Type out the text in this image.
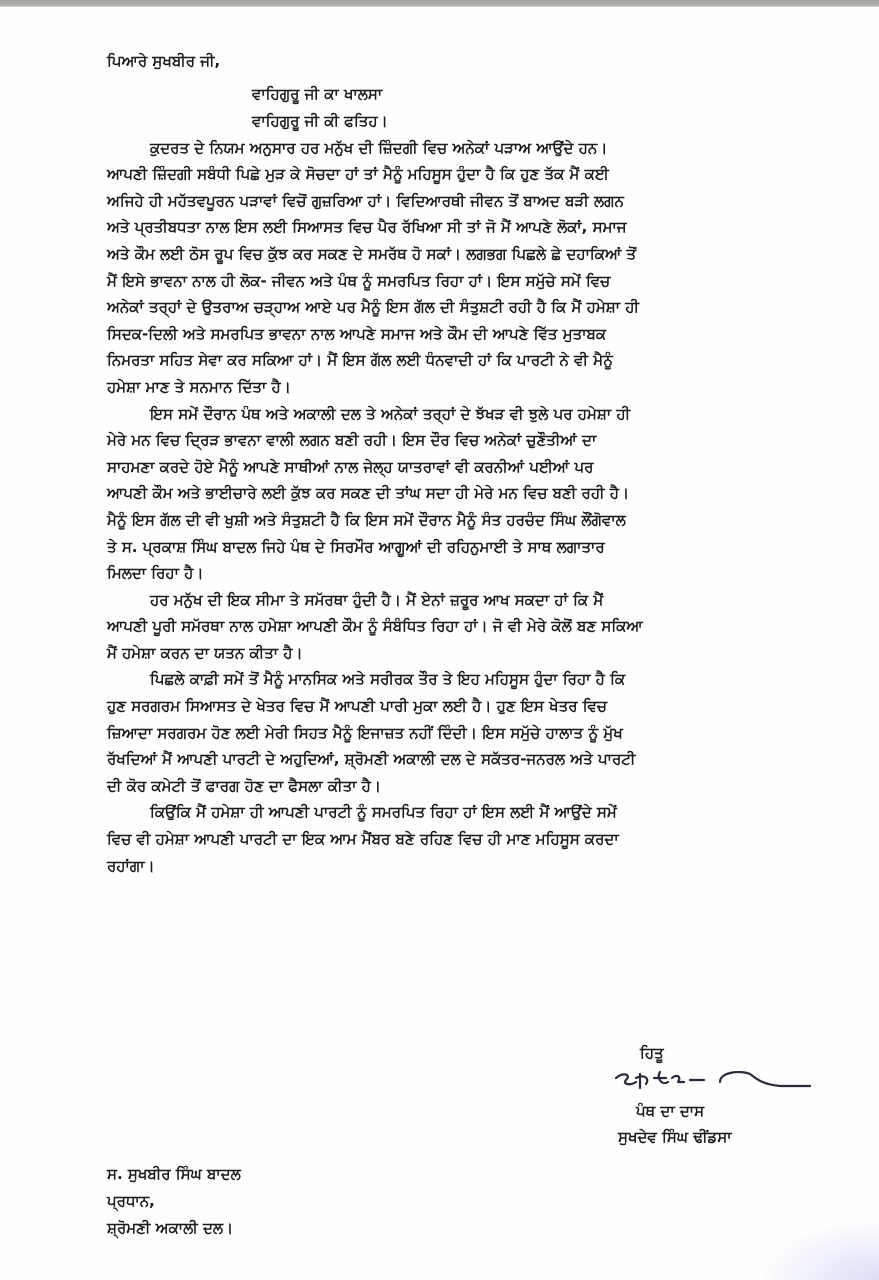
ਪਿਆਰੇ ਸੁਖਬੀਰ ਜੀ,
ਵਾਹਿਗੁਰੂ ਜੀ ਕਾ ਖਾਲਸਾ
ਵਾਹਿਗੁਰੂ ਜੀ ਕੀ ਫਤਿਹ।
ਕੁਦਰਤ ਦੇ ਨਿਯਮ ਅਨੁਸਾਰ ਹਰ ਮਨੁੱਖ ਦੀ ਜ਼ਿੰਦਗੀ ਵਿਚ ਅਨੇਕਾਂ ਪੜਾਅ ਆਉਂਦੇ ਹਨ।
ਆਪਣੀ ਜ਼ਿੰਦਗੀ ਸਬੰਧੀ ਪਿਛੇ ਮੁੜ ਕੇ ਸੋਚਦਾ ਹਾਂ ਤਾਂ ਮੈਨੂੰ ਮਹਿਸੂਸ ਹੁੰਦਾ ਹੈ ਕਿ ਹੁਣ ਤੱਕ ਮੈਂ ਕਈ
ਅਜਿਹੇ ਹੀ ਮਹੱਤਵਪੂਰਨ ਪੜਾਵਾਂ ਵਿਚੋਂ ਗੁਜ਼ਰਿਆ ਹਾਂ। ਵਿਦਿਆਰਥੀ ਜੀਵਨ ਤੋਂ ਬਾਅਦ ਬੜੀ ਲਗਨ
ਅਤੇ ਪ੍ਰਤੀਬਧਤਾ ਨਾਲ ਇਸ ਲਈ ਸਿਆਸਤ ਵਿਚ ਪੈਰ ਰੱਖਿਆ ਸੀ ਤਾਂ ਜੋ ਮੈਂ ਆਪਣੇ ਲੋਕਾਂ, ਸਮਾਜ
ਅਤੇ ਕੌਮ ਲਈ ਠੋਸ ਰੂਪ ਵਿਚ ਕੁੱਝ ਕਰ ਸਕਣ ਦੇ ਸਮਰੱਥ ਹੋ ਸਕਾਂ। ਲਗਭਗ ਪਿਛਲੇ ਛੇ ਦਹਾਕਿਆਂ ਤੋਂ
ਮੈਂ ਇਸੇ ਭਾਵਨਾ ਨਾਲ ਹੀ ਲੋਕ- ਜੀਵਨ ਅਤੇ ਪੰਥ ਨੂੰ ਸਮਰਪਿਤ ਰਿਹਾ ਹਾਂ। ਇਸ ਸਮੁੱਚੇ ਸਮੇਂ ਵਿਚ
ਅਨੇਕਾਂ ਤਰ੍ਹਾਂ ਦੇ ਉਤਰਾਅ ਚੜ੍ਹਾਅ ਆਏ ਪਰ ਮੈਨੂੰ ਇਸ ਗੱਲ ਦੀ ਸੰਤੁਸ਼ਟੀ ਰਹੀ ਹੈ ਕਿ ਮੈਂ ਹਮੇਸ਼ਾ ਹੀ
ਸਿਦਕ-ਦਿਲੀ ਅਤੇ ਸਮਰਪਿਤ ਭਾਵਨਾ ਨਾਲ ਆਪਣੇ ਸਮਾਜ ਅਤੇ ਕੌਮ ਦੀ ਆਪਣੇ ਵਿੱਤ ਮੁਤਾਬਕ
ਨਿਮਰਤਾ ਸਹਿਤ ਸੇਵਾ ਕਰ ਸਕਿਆ ਹਾਂ। ਮੈਂ ਇਸ ਗੱਲ ਲਈ ਧੰਨਵਾਦੀ ਹਾਂ ਕਿ ਪਾਰਟੀ ਨੇ ਵੀ ਮੈਨੂੰ
ਹਮੇਸ਼ਾ ਮਾਣ ਤੇ ਸਨਮਾਨ ਦਿੱਤਾ ਹੈ।
ਇਸ ਸਮੇਂ ਦੌਰਾਨ ਪੰਥ ਅਤੇ ਅਕਾਲੀ ਦਲ ਤੇ ਅਨੇਕਾਂ ਤਰ੍ਹਾਂ ਦੇ ਝੱਖੜ ਵੀ ਝੁਲੇ ਪਰ ਹਮੇਸ਼ਾ ਹੀ
ਮੇਰੇ ਮਨ ਵਿਚ ਦ੍ਰਿੜ ਭਾਵਨਾ ਵਾਲੀ ਲਗਨ ਬਣੀ ਰਹੀ। ਇਸ ਦੌਰ ਵਿਚ ਅਨੇਕਾਂ ਚੁਣੌਤੀਆਂ ਦਾ
ਸਾਹਮਣਾ ਕਰਦੇ ਹੋਏ ਮੈਨੂੰ ਆਪਣੇ ਸਾਥੀਆਂ ਨਾਲ ਜੇਲ੍ਹ ਯਾਤਰਾਵਾਂ ਵੀ ਕਰਨੀਆਂ ਪਈਆਂ ਪਰ
ਆਪਣੀ ਕੌਮ ਅਤੇ ਭਾਈਚਾਰੇ ਲਈ ਕੁੱਝ ਕਰ ਸਕਣ ਦੀ ਤਾਂਘ ਸਦਾ ਹੀ ਮੇਰੇ ਮਨ ਵਿਚ ਬਣੀ ਰਹੀ ਹੈ।
ਮੈਨੂੰ ਇਸ ਗੱਲ ਦੀ ਵੀ ਖੁਸ਼ੀ ਅਤੇ ਸੰਤੁਸ਼ਟੀ ਹੈ ਕਿ ਇਸ ਸਮੇਂ ਦੌਰਾਨ ਮੈਨੂੰ ਸੰਤ ਹਰਚੰਦ ਸਿੰਘ ਲੌਂਗੋਵਾਲ
ਤੇ ਸ. ਪ੍ਰਕਾਸ਼ ਸਿੰਘ ਬਾਦਲ ਜਿਹੇ ਪੰਥ ਦੇ ਸਿਰਮੌਰ ਆਗੂਆਂ ਦੀ ਰਹਿਨੁਮਾਈ ਤੇ ਸਾਥ ਲਗਾਤਾਰ
ਮਿਲਦਾ ਰਿਹਾ ਹੈ।
ਹਰ ਮਨੁੱਖ ਦੀ ਇਕ ਸੀਮਾ ਤੇ ਸਮੱਰਥਾ ਹੁੰਦੀ ਹੈ। ਮੈਂ ਏਨਾਂ ਜ਼ਰੂਰ ਆਖ ਸਕਦਾ ਹਾਂ ਕਿ ਮੈਂ
ਆਪਣੀ ਪੂਰੀ ਸਮੱਰਥਾ ਨਾਲ ਹਮੇਸ਼ਾ ਆਪਣੀ ਕੌਮ ਨੂੰ ਸੰਬੰਧਿਤ ਰਿਹਾ ਹਾਂ। ਜੋ ਵੀ ਮੇਰੇ ਕੋਲੋਂ ਬਣ ਸਕਿਆ
ਮੈਂ ਹਮੇਸ਼ਾ ਕਰਨ ਦਾ ਯਤਨ ਕੀਤਾ ਹੈ।
ਪਿਛਲੇ ਕਾਫ਼ੀ ਸਮੇਂ ਤੋਂ ਮੈਨੂੰ ਮਾਨਸਿਕ ਅਤੇ ਸਰੀਰਕ ਤੌਰ ਤੇ ਇਹ ਮਹਿਸੂਸ ਹੁੰਦਾ ਰਿਹਾ ਹੈ ਕਿ
ਹੁਣ ਸਰਗਰਮ ਸਿਆਸਤ ਦੇ ਖੇਤਰ ਵਿਚ ਮੈਂ ਆਪਣੀ ਪਾਰੀ ਮੁਕਾ ਲਈ ਹੈ। ਹੁਣ ਇਸ ਖੇਤਰ ਵਿਚ
ਜ਼ਿਆਦਾ ਸਰਗਰਮ ਹੋਣ ਲਈ ਮੇਰੀ ਸਿਹਤ ਮੈਨੂੰ ਇਜਾਜ਼ਤ ਨਹੀਂ ਦਿੰਦੀ। ਇਸ ਸਮੁੱਚੇ ਹਾਲਾਤ ਨੂੰ ਮੁੱਖ
ਰੱਖਦਿਆਂ ਮੈਂ ਆਪਣੀ ਪਾਰਟੀ ਦੇ ਅਹੁਦਿਆਂ, ਸ਼੍ਰੋਮਣੀ ਅਕਾਲੀ ਦਲ ਦੇ ਸਕੱਤਰ-ਜਨਰਲ ਅਤੇ ਪਾਰਟੀ
ਦੀ ਕੋਰ ਕਮੇਟੀ ਤੋਂ ਫਾਰਗ ਹੋਣ ਦਾ ਫੈਸਲਾ ਕੀਤਾ ਹੈ।
ਕਿਉਂਕਿ ਮੈਂ ਹਮੇਸ਼ਾ ਹੀ ਆਪਣੀ ਪਾਰਟੀ ਨੂੰ ਸਮਰਪਿਤ ਰਿਹਾ ਹਾਂ ਇਸ ਲਈ ਮੈਂ ਆਉਂਦੇ ਸਮੇਂ
ਵਿਚ ਵੀ ਹਮੇਸ਼ਾ ਆਪਣੀ ਪਾਰਟੀ ਦਾ ਇਕ ਆਮ ਮੈਂਬਰ ਬਣੇ ਰਹਿਣ ਵਿਚ ਹੀ ਮਾਣ ਮਹਿਸੂਸ ਕਰਦਾ
ਰਹਾਂਗਾ।
ਹਿਤੂ
ਪੰਥ ਦਾ ਦਾਸ
ਸੁਖਦੇਵ ਸਿੰਘ ਢੀਂਡਸਾ
ਸ. ਸੁਖਬੀਰ ਸਿੰਘ ਬਾਦਲ
ਪ੍ਰਧਾਨ,
ਸ਼੍ਰੋਮਣੀ ਅਕਾਲੀ ਦਲ।
